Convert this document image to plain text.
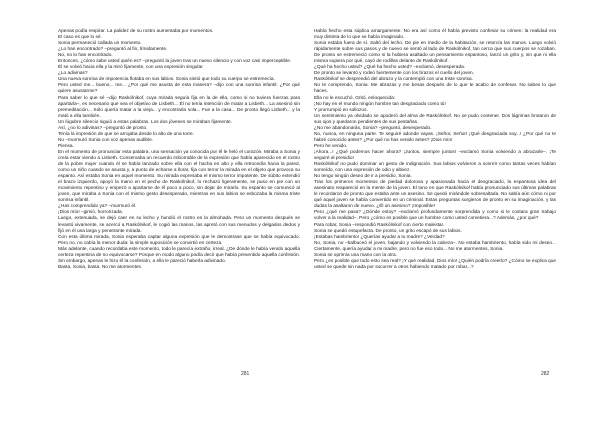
Apenas podía respirar. La palidez de su rostro aumentaba por momentos.

El caso es que lo sé.

Sonia permaneció callada un momento.

¿Lo han encontrado? –preguntó al fin, tímidamente.

No, no lo han encontrado.

Entonces, ¿cómo sabe usted quién es? –preguntó la joven tras un nuevo silencio y con voz casi imperceptible.

Él se volvió hacia ella y la miró fijamente, con una expresión singular.

¿Lo adivinas?

Una nueva sonrisa de impotencia flotaba en sus labios. Sonia sintió que todo su cuerpo se estremecía.

Pero usted me... bueno... me... ¿Por qué me asusta de esta manera? –dijo con una sonrisa infantil. ¿Por qué quiere asustarme?

Para saber lo que sé –dijo Raskólnikof, cuya mirada seguía fija en la de ella, como si no tuviera fuerzas para apartarla–, es necesario que sea el objetivo de Lisbeth... Él no tenía intención de matar a Lisbeth... La asesinó sin premeditación... Sólo quería matar a la vieja... y encontrarla sola... Fue a la casa... De pronto llegó Lisbeth... y la mató a ella también.

Un lúgubre silencio siguió a estas palabras. Los dos jóvenes se miraban fijamente.

Así, ¿no lo adivinas? –preguntó de pronto.

Tenía la impresión de que se arrojaba desde lo alto de una torre.

No –murmuró Sonia con voz apenas audible.

Piensa.

En el momento de pronunciar esta palabra, una sensación ya conocida por él le heló el corazón. Miraba a Sonia y creía estar viendo a Lisbeth. Conservaba un recuerdo imborrable de la expresión que había aparecido en el rostro de la pobre mujer cuando él se había lanzado sobre ella con el hacha en alto y ella retrocedía hacia la pared, como un niño cuando se asusta y, a punto de echarse a llorar, fija con terror la mirada en el objeto que provoca su espanto. Así estaba Sonia en aquel momento. Su mirada expresaba el mismo terror impotente. De súbito extendió el brazo izquierdo, apoyó la mano en el pecho de Raskólnikof, lo rechazó ligeramente, se puso en pie con un movimiento repentino y empezó a apartarse de él poco a poco, sin dejar de mirarlo. Su espanto se comunicó al joven, que miraba a Sonia con el mismo gesto desesperado, mientras en sus labios se esbozaba la misma triste sonrisa infantil.

¿Has comprendido ya? –murmuró él.

¡Dios mío! –gimió, horrorizada.

Luego, extenuada, se dejó caer en su lecho y hundió el rostro en la almohada. Pero un momento después se levantó vivamente, se acercó a Raskólnikof, le cogió las manos, las apretó con sus menudos y delgados dedos y fijó en él una larga y penetrante mirada.

Con esta última mirada, Sonia esperaba captar alguna expresión que le demostrase que se había equivocado. Pero no, no cabía la menor duda: la simple suposición se convirtió en certeza.

Más adelante, cuando recordaba este momento, todo le parecía extraño, irreal. ¿De dónde le había venido aquella certeza repentina de no equivocarse? Porque en modo alguno podía decir que había presentido aquella confesión. Sin embargo, apenas le hizo él la confesión, a ella le pareció haberla adivinado.

Basta, Sonia, basta. No me atormentes.

281

Había hecho esta súplica amargamente. No era así como él había previsto confesar su crimen: la realidad era muy distinta de lo que se había imaginado.

Sonia estaba fuera de sí. Saltó del lecho. De pie en medio de la habitación, se retorcía las manos. Luego volvió rápidamente sobre sus pasos y de nuevo se sentó al lado de Raskólnikof, tan cerca que sus cuerpos se rozaban. De pronto se estremeció como si la hubiera asaltado un pensamiento espantoso, lanzó un grito y, sin que ni ella misma supiera por qué, cayó de rodillas delante de Raskólnikof.

¿Qué ha hecho usted? ¿Qué ha hecho usted? –exclamó, desesperada.

De pronto se levantó y rodeó fuertemente con los brazos el cuello del joven.

Raskólnikof se desprendió del abrazo y la contempló con una triste sonrisa.

No te comprendo, Sonia. Me abrazas y me besas después de lo que te acabo de confesar. No sabes lo que haces.

Ella no le escuchó. Gritó, enloquecida:

¡No hay en el mundo ningún hombre tan desgraciado como tú!

Y prorrumpió en sollozos.

Un sentimiento ya olvidado se apoderó del alma de Raskólnikof. No se pudo contener. Dos lágrimas brotaron de sus ojos y quedaron pendientes de sus pestañas.

¿No me abandonarás, Sonia? –preguntó, desesperado.

No, nunca, en ninguna parte. Te seguiré adonde vayas. ¡Señor, Señor! ¡Qué desgraciada soy...! ¿Por qué no te habré conocido antes? ¿Por qué no has venido antes? ¡Dios mío!

Pero he venido.

¡Ahora...! ¿Qué podemos hacer ahora? ¡Juntos, siempre juntos! –exclamó Sonia volviendo a abrazarle–. ¡Te seguiré al presidio!

Raskólnikof no pudo dominar un gesto de indignación. Sus labios volvieron a sonreír como tantas veces habían sonreído, con una expresión de odio y altivez.

No tengo ningún deseo de ir a presidio, Sonia.

Tras los primeros momentos de piedad dolorosa y apasionada hacia el desgraciado, la espantosa idea del asesinato reapareció en la mente de la joven. El tono en que Raskólnikof había pronunciado sus últimas palabras le recordaron de pronto que estaba ante un asesino. Se quedó mirándole sobresaltada. No sabía aún cómo ni por qué aquel joven se había convertido en un criminal. Estas preguntas surgieron de pronto en su imaginación, y las dudas la asaltaron de nuevo. ¿Él un asesino? ¡Imposible!

Pero ¿qué me pasa? ¿Dónde estoy? –exclamó profundamente sorprendida y como si le costara gran trabajo volver a la realidad–. Pero ¿cómo es posible que un hombre como usted cometiera...? Además, ¿por qué?

Para robar, Sonia –respondió Raskólnikof con cierto malestar.

Sonia se quedó estupefacta. De pronto, un grito escapó de sus labios.

¡Estabas hambriento! ¿Querías ayudar a tu madre? ¿Verdad?

No, Sonia, no –balbuceó el joven, bajando y volviendo la cabeza–. No estaba hambriento, había sido mi deseo... Ciertamente, quería ayudar a mi madre, pero no fue eso todo... No me atormentes, Sonia.

Sonia se oprimía una mano con la otra.

Pero ¿es posible que todo esto sea real? ¡Y qué realidad, Dios mío! ¿Quién podría creerlo? ¿Cómo se explica que usted se quede sin nada por socorrer a otros habiendo matado por robar...?

282
